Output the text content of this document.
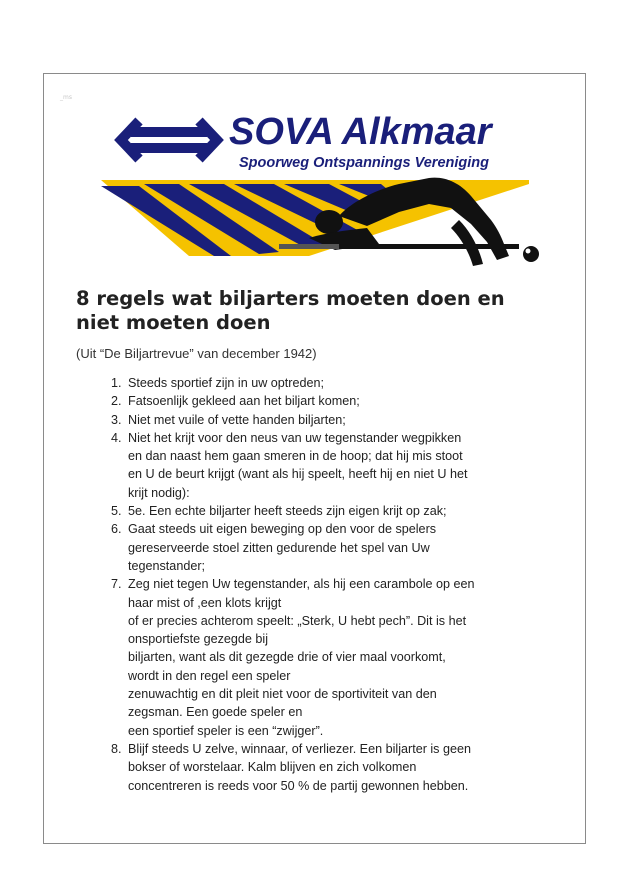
_ms
SOVA Alkmaar
Spoorweg Ontspannings Vereniging
8 regels wat biljarters moeten doen en
niet moeten doen

(Uit “De Biljartrevue” van december 1942)

1. Steeds sportief zijn in uw optreden;
2. Fatsoenlijk gekleed aan het biljart komen;
3. Niet met vuile of vette handen biljarten;
4. Niet het krijt voor den neus van uw tegenstander wegpikken
en dan naast hem gaan smeren in de hoop; dat hij mis stoot
en U de beurt krijgt (want als hij speelt, heeft hij en niet U het
krijt nodig):
5. 5e. Een echte biljarter heeft steeds zijn eigen krijt op zak;
6. Gaat steeds uit eigen beweging op den voor de spelers
gereserveerde stoel zitten gedurende het spel van Uw
tegenstander;
7. Zeg niet tegen Uw tegenstander, als hij een carambole op een
haar mist of ,een klots krijgt
of er precies achterom speelt: „Sterk, U hebt pech”. Dit is het
onsportiefste gezegde bij
biljarten, want als dit gezegde drie of vier maal voorkomt,
wordt in den regel een speler
zenuwachtig en dit pleit niet voor de sportiviteit van den
zegsman. Een goede speler en
een sportief speler is een “zwijger”.
8. Blijf steeds U zelve, winnaar, of verliezer. Een biljarter is geen
bokser of worstelaar. Kalm blijven en zich volkomen
concentreren is reeds voor 50 % de partij gewonnen hebben.
